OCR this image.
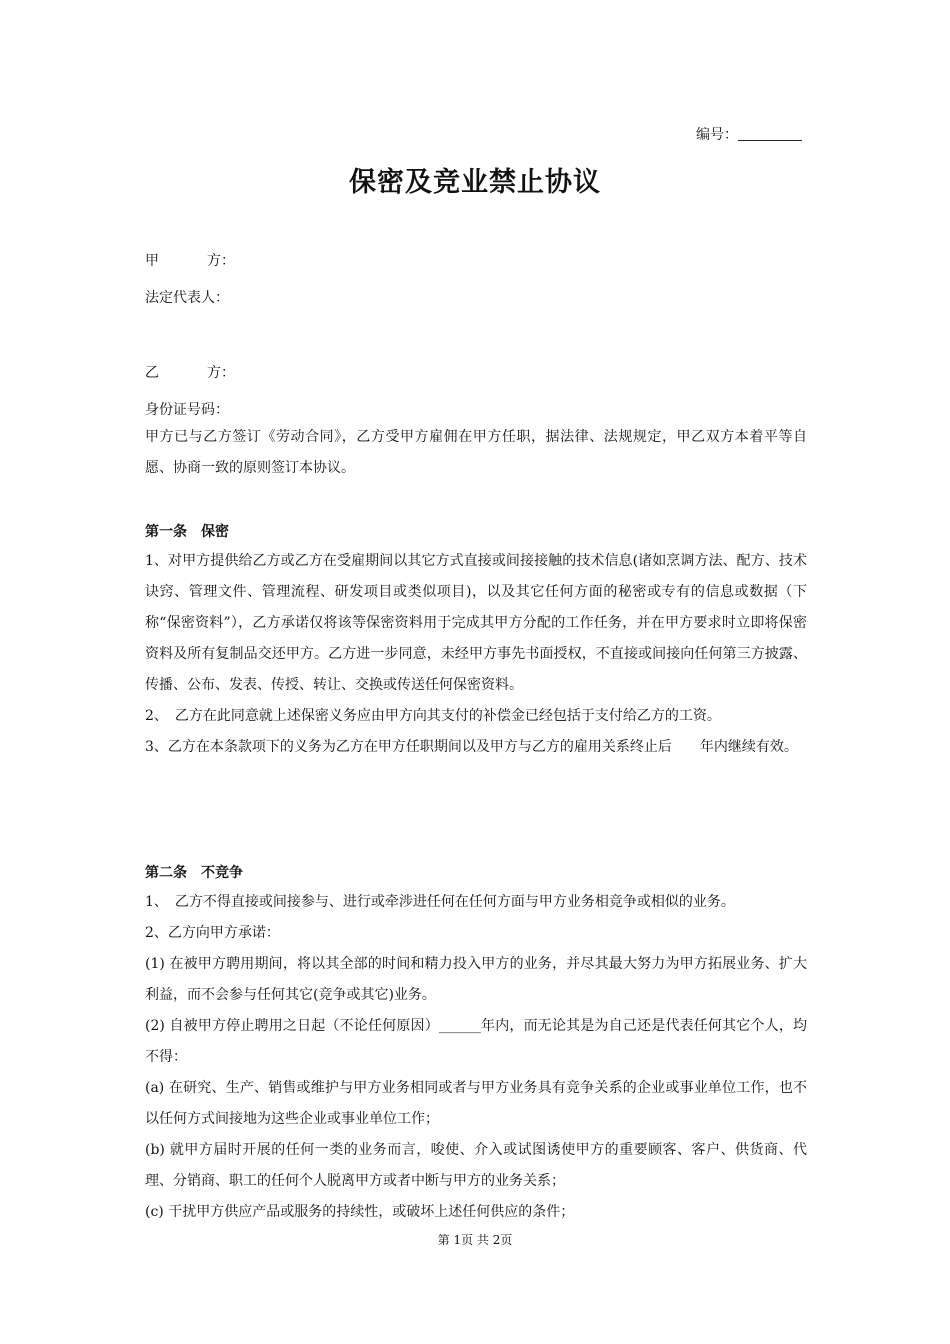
编号：
保密及竞业禁止协议
甲	方：
法定代表人：
乙	方：
身份证号码：

甲方已与乙方签订《劳动合同》，乙方受甲方雇佣在甲方任职，据法律、法规规定，甲乙双方本着平等自愿、协商一致的原则签订本协议。

第一条 保密

1、对甲方提供给乙方或乙方在受雇期间以其它方式直接或间接接触的技术信息(诸如烹调方法、配方、技术诀窍、管理文件、管理流程、研发项目或类似项目)，以及其它任何方面的秘密或专有的信息或数据（下称“保密资料”），乙方承诺仅将该等保密资料用于完成其甲方分配的工作任务，并在甲方要求时立即将保密资料及所有复制品交还甲方。乙方进一步同意，未经甲方事先书面授权，不直接或间接向任何第三方披露、传播、公布、发表、传授、转让、交换或传送任何保密资料。

2、　乙方在此同意就上述保密义务应由甲方向其支付的补偿金已经包括于支付给乙方的工资。

3、乙方在本条款项下的义务为乙方在甲方任职期间以及甲方与乙方的雇用关系终止后　　年内继续有效。

第二条 不竞争

1、　乙方不得直接或间接参与、进行或牵涉进任何在任何方面与甲方业务相竞争或相似的业务。

2、乙方向甲方承诺：

(1) 在被甲方聘用期间，将以其全部的时间和精力投入甲方的业务，并尽其最大努力为甲方拓展业务、扩大利益，而不会参与任何其它(竞争或其它)业务。

(2) 自被甲方停止聘用之日起（不论任何原因）______年内，而无论其是为自己还是代表任何其它个人，均不得：

(a) 在研究、生产、销售或维护与甲方业务相同或者与甲方业务具有竞争关系的企业或事业单位工作，也不以任何方式间接地为这些企业或事业单位工作；

(b) 就甲方届时开展的任何一类的业务而言，唆使、介入或试图诱使甲方的重要顾客、客户、供货商、代理、分销商、职工的任何个人脱离甲方或者中断与甲方的业务关系；

(c) 干扰甲方供应产品或服务的持续性，或破坏上述任何供应的条件；

第 1页 共 2页
